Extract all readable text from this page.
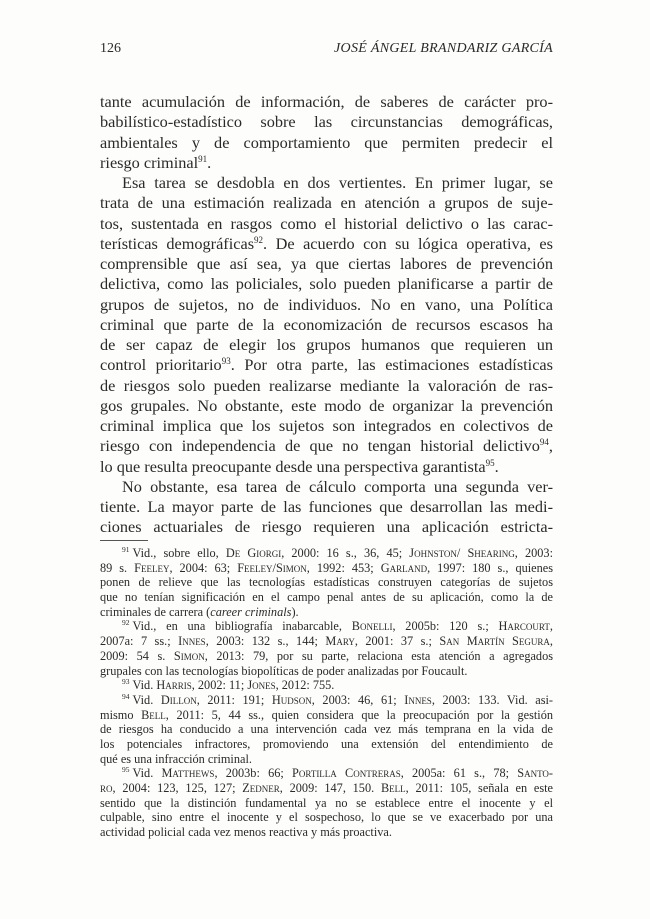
126	JOSÉ ÁNGEL BRANDARIZ GARCÍA
tante acumulación de información, de saberes de carácter pro-
babilístico-estadístico sobre las circunstancias demográficas,
ambientales y de comportamiento que permiten predecir el
riesgo criminal$^{91}$.
Esa tarea se desdobla en dos vertientes. En primer lugar, se
trata de una estimación realizada en atención a grupos de suje-
tos, sustentada en rasgos como el historial delictivo o las carac-
terísticas demográficas$^{92}$. De acuerdo con su lógica operativa, es
comprensible que así sea, ya que ciertas labores de prevención
delictiva, como las policiales, solo pueden planificarse a partir de
grupos de sujetos, no de individuos. No en vano, una Política
criminal que parte de la economización de recursos escasos ha
de ser capaz de elegir los grupos humanos que requieren un
control prioritario$^{93}$. Por otra parte, las estimaciones estadísticas
de riesgos solo pueden realizarse mediante la valoración de ras-
gos grupales. No obstante, este modo de organizar la prevención
criminal implica que los sujetos son integrados en colectivos de
riesgo con independencia de que no tengan historial delictivo$^{94}$,
lo que resulta preocupante desde una perspectiva garantista$^{95}$.
No obstante, esa tarea de cálculo comporta una segunda ver-
tiente. La mayor parte de las funciones que desarrollan las medi-
ciones actuariales de riesgo requieren una aplicación estricta-
$^{91}$ Vid., sobre ello, De Giorgi, 2000: 16 s., 36, 45; Johnston/ Shearing, 2003:
89 s. Feeley, 2004: 63; Feeley/Simon, 1992: 453; Garland, 1997: 180 s., quienes
ponen de relieve que las tecnologías estadísticas construyen categorías de sujetos
que no tenían significación en el campo penal antes de su aplicación, como la de
criminales de carrera (career criminals).
$^{92}$ Vid., en una bibliografía inabarcable, Bonelli, 2005b: 120 s.; Harcourt,
2007a: 7 ss.; Innes, 2003: 132 s., 144; Mary, 2001: 37 s.; San Martín Segura,
2009: 54 s. Simon, 2013: 79, por su parte, relaciona esta atención a agregados
grupales con las tecnologías biopolíticas de poder analizadas por Foucault.
$^{93}$ Vid. Harris, 2002: 11; Jones, 2012: 755.
$^{94}$ Vid. Dillon, 2011: 191; Hudson, 2003: 46, 61; Innes, 2003: 133. Vid. asi-
mismo Bell, 2011: 5, 44 ss., quien considera que la preocupación por la gestión
de riesgos ha conducido a una intervención cada vez más temprana en la vida de
los potenciales infractores, promoviendo una extensión del entendimiento de
qué es una infracción criminal.
$^{95}$ Vid. Matthews, 2003b: 66; Portilla Contreras, 2005a: 61 s., 78; Santo-
ro, 2004: 123, 125, 127; Zedner, 2009: 147, 150. Bell, 2011: 105, señala en este
sentido que la distinción fundamental ya no se establece entre el inocente y el
culpable, sino entre el inocente y el sospechoso, lo que se ve exacerbado por una
actividad policial cada vez menos reactiva y más proactiva.
